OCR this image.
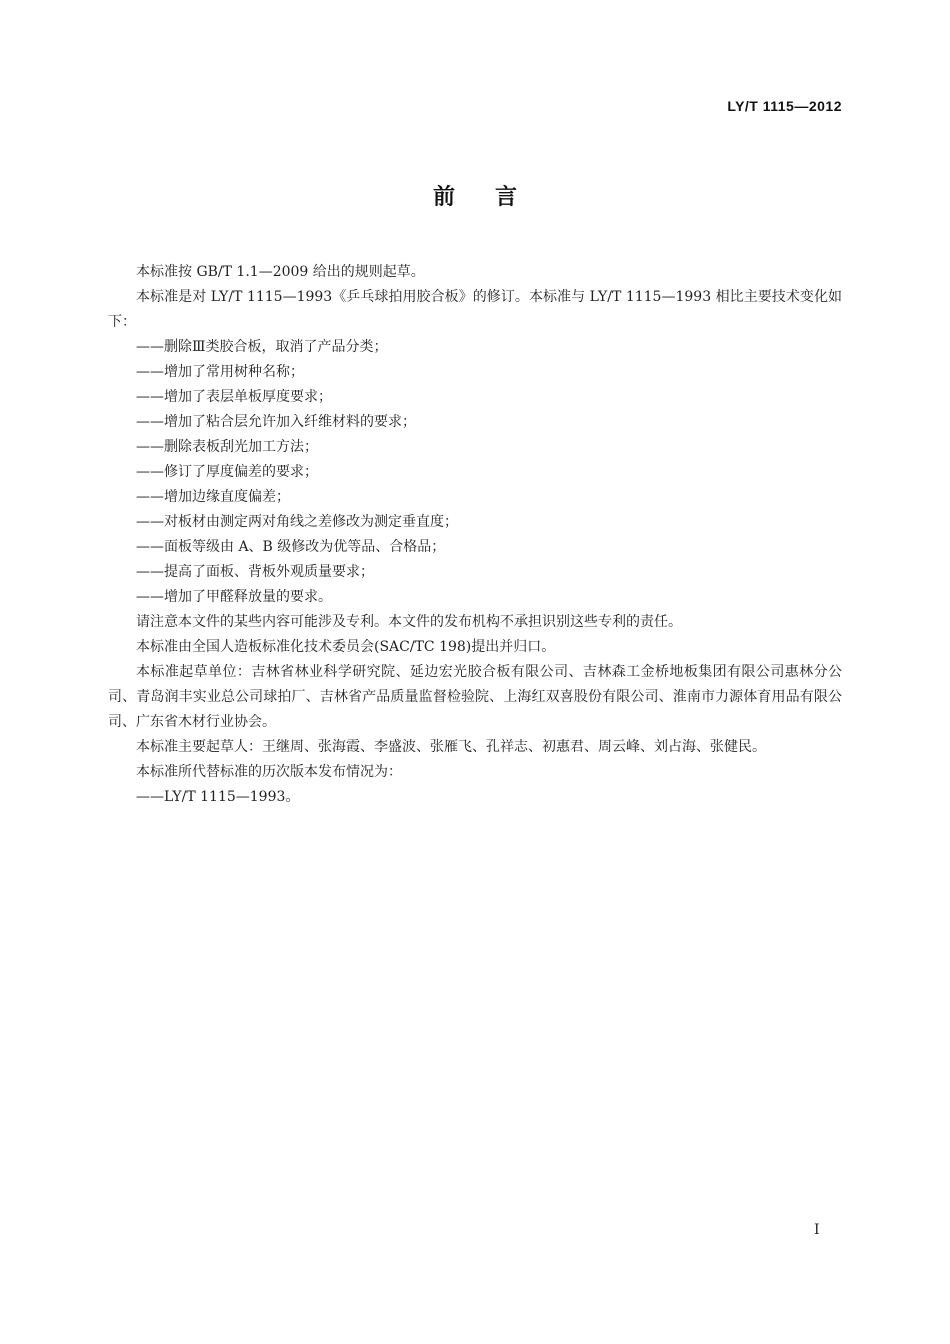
LY/T 1115—2012
前言

本标准按 GB/T 1.1—2009 给出的规则起草。

本标准是对 LY/T 1115—1993《乒乓球拍用胶合板》的修订。本标准与 LY/T 1115—1993 相比主要技术变化如下：

——删除Ⅲ类胶合板，取消了产品分类；

——增加了常用树种名称；

——增加了表层单板厚度要求；

——增加了粘合层允许加入纤维材料的要求；

——删除表板刮光加工方法；

——修订了厚度偏差的要求；

——增加边缘直度偏差；

——对板材由测定两对角线之差修改为测定垂直度；

——面板等级由 A、B 级修改为优等品、合格品；

——提高了面板、背板外观质量要求；

——增加了甲醛释放量的要求。

请注意本文件的某些内容可能涉及专利。本文件的发布机构不承担识别这些专利的责任。

本标准由全国人造板标准化技术委员会(SAC/TC 198)提出并归口。

本标准起草单位：吉林省林业科学研究院、延边宏光胶合板有限公司、吉林森工金桥地板集团有限公司惠林分公司、青岛润丰实业总公司球拍厂、吉林省产品质量监督检验院、上海红双喜股份有限公司、淮南市力源体育用品有限公司、广东省木材行业协会。

本标准主要起草人：王继周、张海霞、李盛波、张雁飞、孔祥志、初惠君、周云峰、刘占海、张健民。

本标准所代替标准的历次版本发布情况为：

——LY/T 1115—1993。

I
